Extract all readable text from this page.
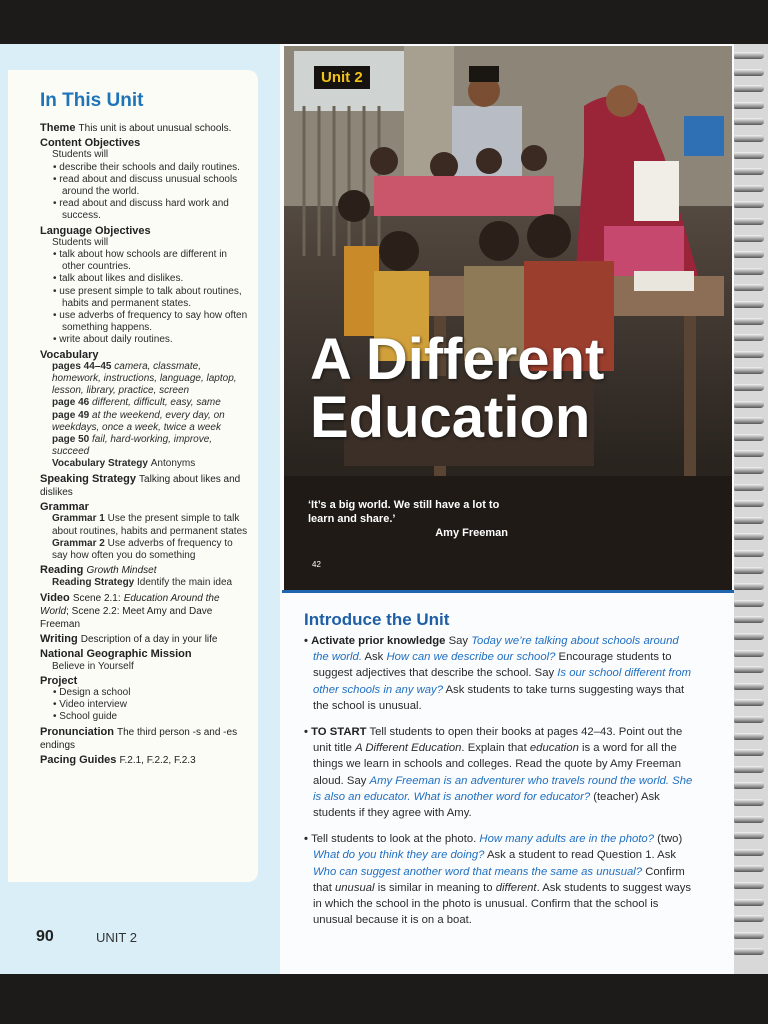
In This Unit
Theme This unit is about unusual schools.
Content Objectives
Students will
• describe their schools and daily routines.
• read about and discuss unusual schools around the world.
• read about and discuss hard work and success.
Language Objectives
Students will
• talk about how schools are different in other countries.
• talk about likes and dislikes.
• use present simple to talk about routines, habits and permanent states.
• use adverbs of frequency to say how often something happens.
• write about daily routines.
Vocabulary
pages 44–45 camera, classmate, homework, instructions, language, laptop, lesson, library, practice, screen
page 46 different, difficult, easy, same
page 49 at the weekend, every day, on weekdays, once a week, twice a week
page 50 fail, hard-working, improve, succeed
Vocabulary Strategy Antonyms
Speaking Strategy Talking about likes and dislikes
Grammar
Grammar 1 Use the present simple to talk about routines, habits and permanent states
Grammar 2 Use adverbs of frequency to say how often you do something
Reading Growth Mindset
Reading Strategy Identify the main idea
Video Scene 2.1: Education Around the World; Scene 2.2: Meet Amy and Dave Freeman
Writing Description of a day in your life
National Geographic Mission
Believe in Yourself
Project
• Design a school
• Video interview
• School guide
Pronunciation The third person -s and -es endings
Pacing Guides F.2.1, F.2.2, F.2.3
90	UNIT 2
Unit 2
A Different
Education
‘It’s a big world. We still have a lot to learn and share.’
Amy Freeman
42
Introduce the Unit

• Activate prior knowledge Say Today we’re talking about schools around the world. Ask How can we describe our school? Encourage students to suggest adjectives that describe the school. Say Is our school different from other schools in any way? Ask students to take turns suggesting ways that the school is unusual.

• TO START Tell students to open their books at pages 42–43. Point out the unit title A Different Education. Explain that education is a word for all the things we learn in schools and colleges. Read the quote by Amy Freeman aloud. Say Amy Freeman is an adventurer who travels round the world. She is also an educator. What is another word for educator? (teacher) Ask students if they agree with Amy.

• Tell students to look at the photo. How many adults are in the photo? (two) What do you think they are doing? Ask a student to read Question 1. Ask Who can suggest another word that means the same as unusual? Confirm that unusual is similar in meaning to different. Ask students to suggest ways in which the school in the photo is unusual. Confirm that the school is unusual because it is on a boat.
